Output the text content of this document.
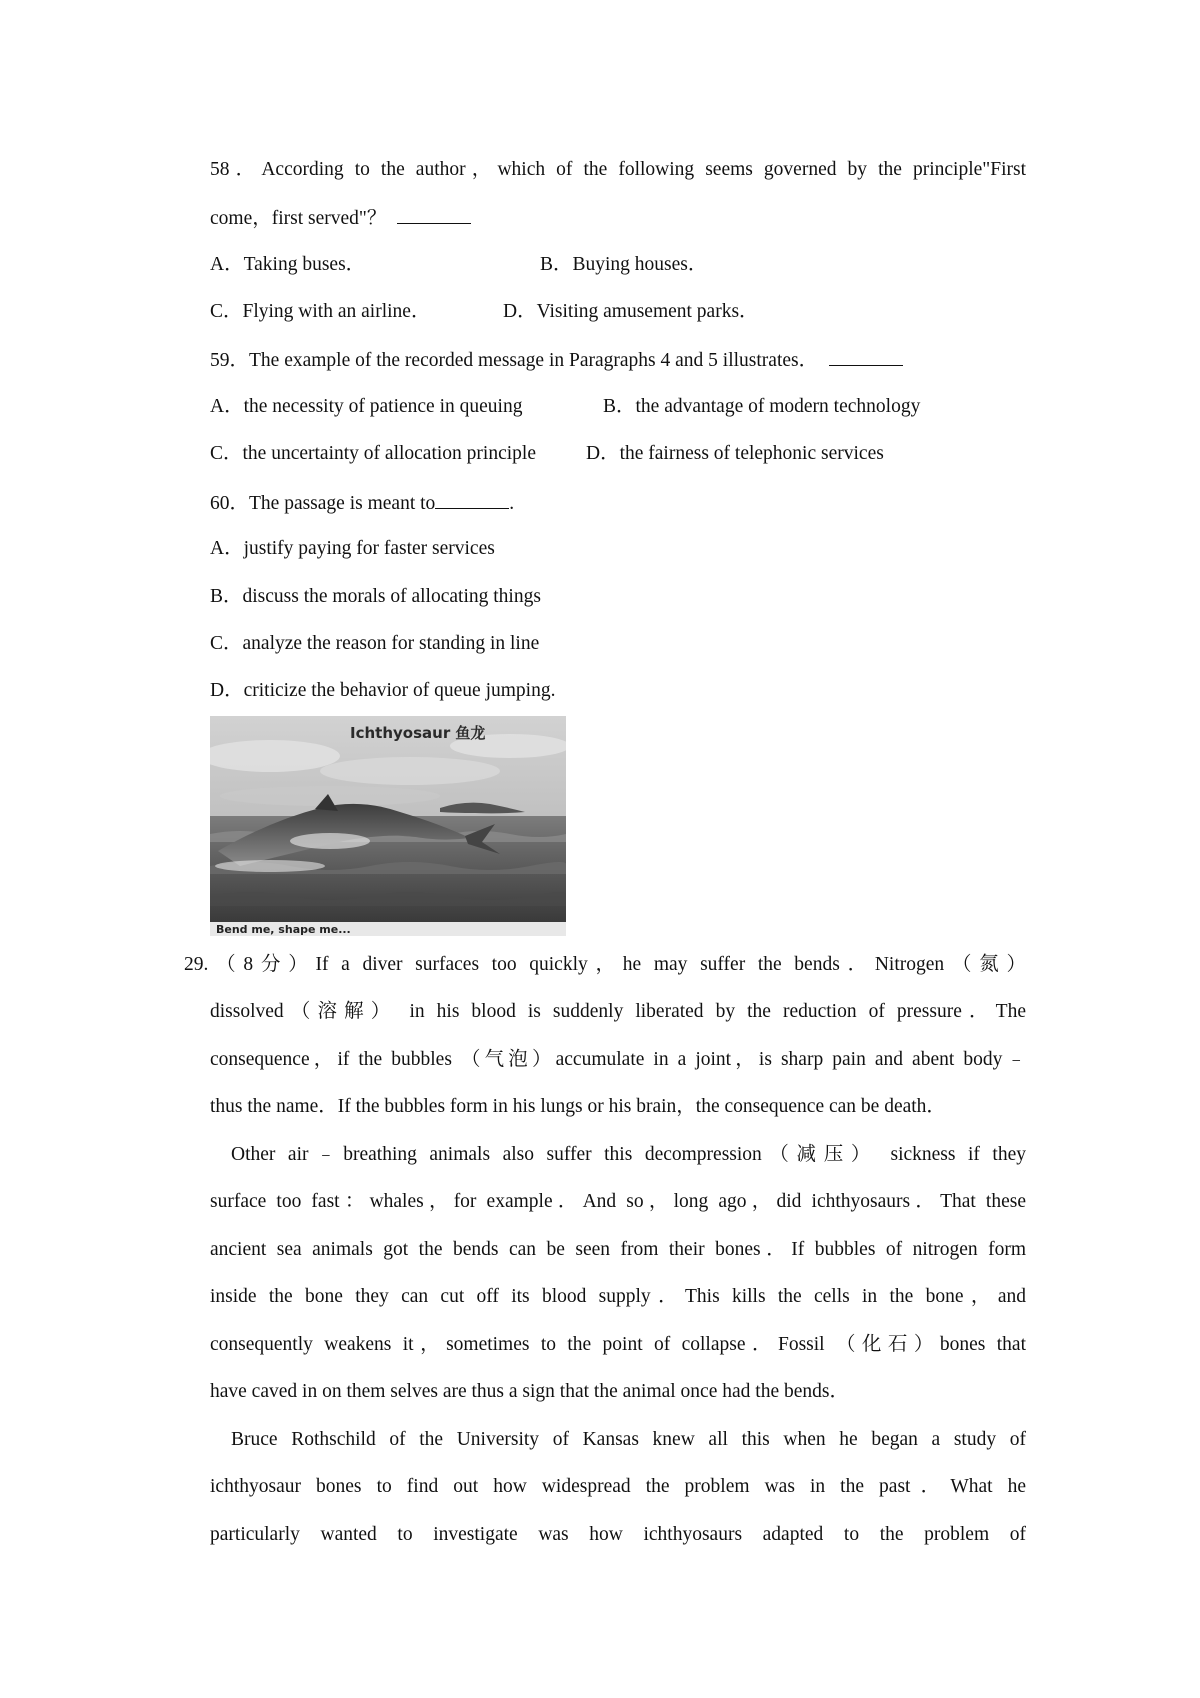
58．According to the author，which of the following seems governed by the principle"First
come，first served"？
A．Taking buses．	B．Buying houses．
C．Flying with an airline．	D．Visiting amusement parks．
59．The example of the recorded message in Paragraphs 4 and 5 illustrates．
A．the necessity of patience in queuing	B．the advantage of modern technology
C．the uncertainty of allocation principle	D．the fairness of telephonic services
60．The passage is meant to	.
A．justify paying for faster services
B．discuss the morals of allocating things
C．analyze the reason for standing in line
D．criticize the behavior of queue jumping.
Ichthyosaur 鱼龙
Bend me, shape me...
29.（8分）If a diver surfaces too quickly，he may suffer the bends．Nitrogen（氮）
dissolved（溶解） in his blood is suddenly liberated by the reduction of pressure．The
consequence，if the bubbles （气泡）accumulate in a joint，is sharp pain and abent body﹣
thus the name．If the bubbles form in his lungs or his brain，the consequence can be death．
Other air﹣breathing animals also suffer this decompression（减压） sickness if they
surface too fast：whales，for example．And so，long ago，did ichthyosaurs．That these
ancient sea animals got the bends can be seen from their bones．If bubbles of nitrogen form
inside the bone they can cut off its blood supply．This kills the cells in the bone，and
consequently weakens it，sometimes to the point of collapse．Fossil （化石）bones that
have caved in on them selves are thus a sign that the animal once had the bends．
Bruce Rothschild of the University of Kansas knew all this when he began a study of
ichthyosaur bones to find out how widespread the problem was in the past．What he
particularly wanted to investigate was how ichthyosaurs adapted to the problem of
